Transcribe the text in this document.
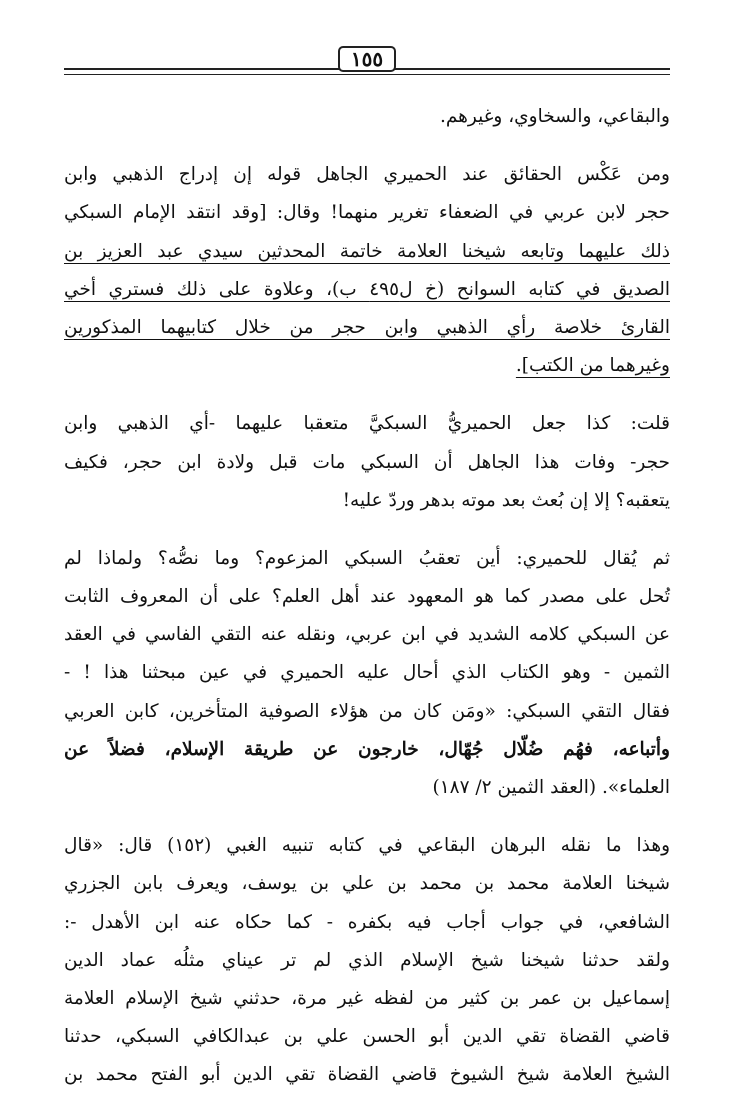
١٥٥

والبقاعي، والسخاوي، وغيرهم.

ومن عَكْس الحقائق عند الحميري الجاهل قوله إن إدراج الذهبي وابن
حجر لابن عربي في الضعفاء تغرير منهما! وقال: [وقد انتقد الإمام السبكي
ذلك عليهما وتابعه شيخنا العلامة خاتمة المحدثين سيدي عبد العزيز بن
الصديق في كتابه السوانح (خ ل٤٩٥ ب)، وعلاوة على ذلك فستري أخي
القارئ خلاصة رأي الذهبي وابن حجر من خلال كتابيهما المذكورين
وغيرهما من الكتب].

قلت: كذا جعل الحميريُّ السبكيَّ متعقبا عليهما -أي الذهبي وابن
حجر- وفات هذا الجاهل أن السبكي مات قبل ولادة ابن حجر، فكيف
يتعقبه؟ إلا إن بُعث بعد موته بدهر وردّ عليه!

ثم يُقال للحميري: أين تعقبُ السبكي المزعوم؟ وما نصُّه؟ ولماذا لم
تُحل على مصدر كما هو المعهود عند أهل العلم؟ على أن المعروف الثابت
عن السبكي كلامه الشديد في ابن عربي، ونقله عنه التقي الفاسي في العقد
الثمين - وهو الكتاب الذي أحال عليه الحميري في عين مبحثنا هذا ! -
فقال التقي السبكي: «ومَن كان من هؤلاء الصوفية المتأخرين، كابن العربي
وأتباعه، فهُم ضُلّال جُهّال، خارجون عن طريقة الإسلام، فضلاً عن
العلماء». (العقد الثمين ٢/ ١٨٧)

وهذا ما نقله البرهان البقاعي في كتابه تنبيه الغبي (١٥٢) قال: «قال
شيخنا العلامة محمد بن محمد بن علي بن يوسف، ويعرف بابن الجزري
الشافعي، في جواب أجاب فيه بكفره - كما حكاه عنه ابن الأهدل -:
ولقد حدثنا شيخنا شيخ الإسلام الذي لم تر عيناي مثلُه عماد الدين
إسماعيل بن عمر بن كثير من لفظه غير مرة، حدثني شيخ الإسلام العلامة
قاضي القضاة تقي الدين أبو الحسن علي بن عبدالكافي السبكي، حدثنا
الشيخ العلامة شيخ الشيوخ قاضي القضاة تقي الدين أبو الفتح محمد بن
